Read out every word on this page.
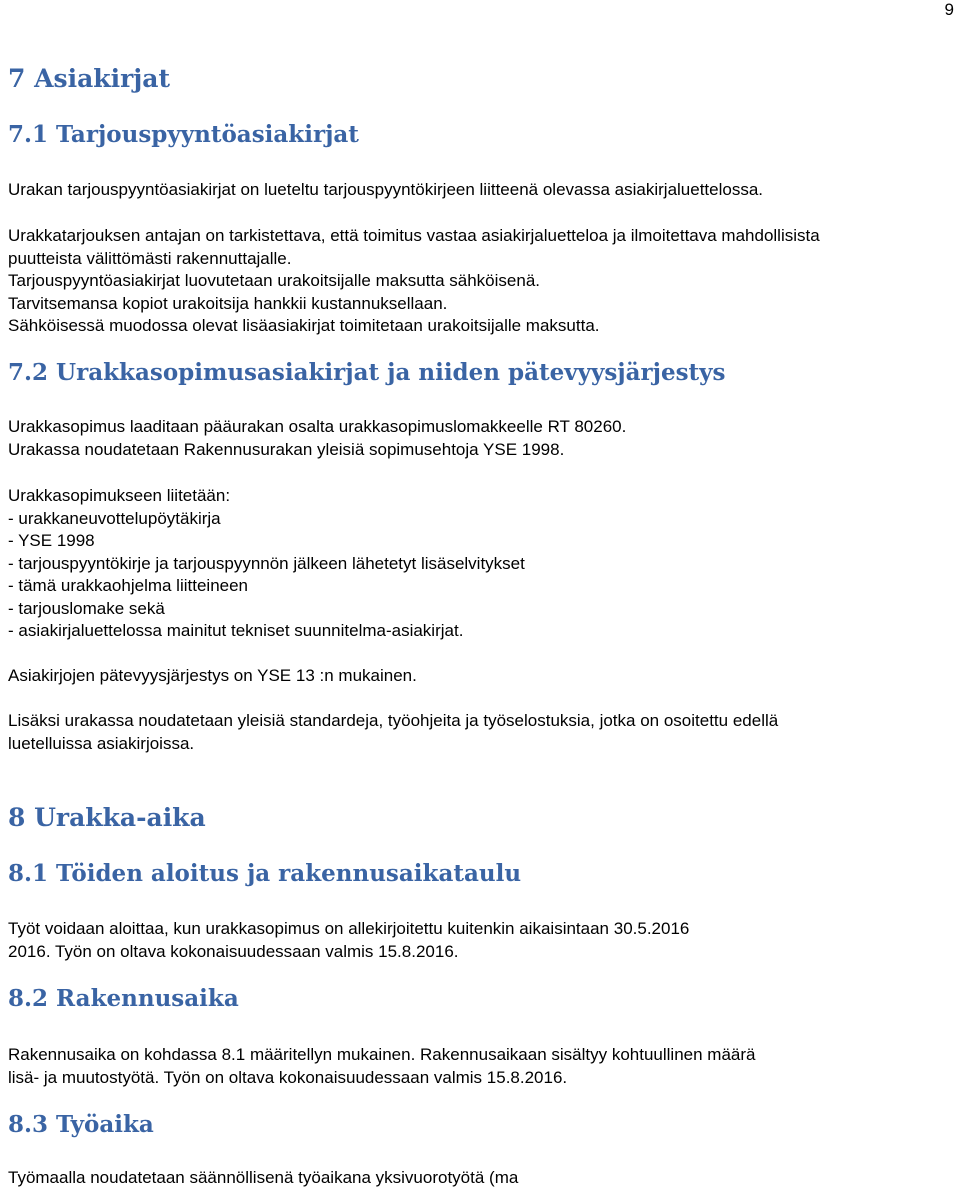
9
7 Asiakirjat
7.1 Tarjouspyyntöasiakirjat
Urakan tarjouspyyntöasiakirjat on lueteltu tarjouspyyntökirjeen liitteenä olevassa asiakirjaluettelossa.
Urakkatarjouksen antajan on tarkistettava, että toimitus vastaa asiakirjaluetteloa ja ilmoitettava mahdollisista
puutteista välittömästi rakennuttajalle.
Tarjouspyyntöasiakirjat luovutetaan urakoitsijalle maksutta sähköisenä.
Tarvitsemansa kopiot urakoitsija hankkii kustannuksellaan.
Sähköisessä muodossa olevat lisäasiakirjat toimitetaan urakoitsijalle maksutta.
7.2 Urakkasopimusasiakirjat ja niiden pätevyysjärjestys
Urakkasopimus laaditaan pääurakan osalta urakkasopimuslomakkeelle RT 80260.
Urakassa noudatetaan Rakennusurakan yleisiä sopimusehtoja YSE 1998.
Urakkasopimukseen liitetään:
- urakkaneuvottelupöytäkirja
- YSE 1998
- tarjouspyyntökirje ja tarjouspyynnön jälkeen lähetetyt lisäselvitykset
- tämä urakkaohjelma liitteineen
- tarjouslomake sekä
- asiakirjaluettelossa mainitut tekniset suunnitelma-asiakirjat.
Asiakirjojen pätevyysjärjestys on YSE 13 :n mukainen.
Lisäksi urakassa noudatetaan yleisiä standardeja, työohjeita ja työselostuksia, jotka on osoitettu edellä
luetelluissa asiakirjoissa.
8 Urakka-aika
8.1 Töiden aloitus ja rakennusaikataulu
Työt voidaan aloittaa, kun urakkasopimus on allekirjoitettu kuitenkin aikaisintaan 30.5.2016
2016. Työn on oltava kokonaisuudessaan valmis 15.8.2016.
8.2 Rakennusaika
Rakennusaika on kohdassa 8.1 määritellyn mukainen. Rakennusaikaan sisältyy kohtuullinen määrä
lisä- ja muutostyötä. Työn on oltava kokonaisuudessaan valmis 15.8.2016.
8.3 Työaika
Työmaalla noudatetaan säännöllisenä työaikana yksivuorotyötä (ma
